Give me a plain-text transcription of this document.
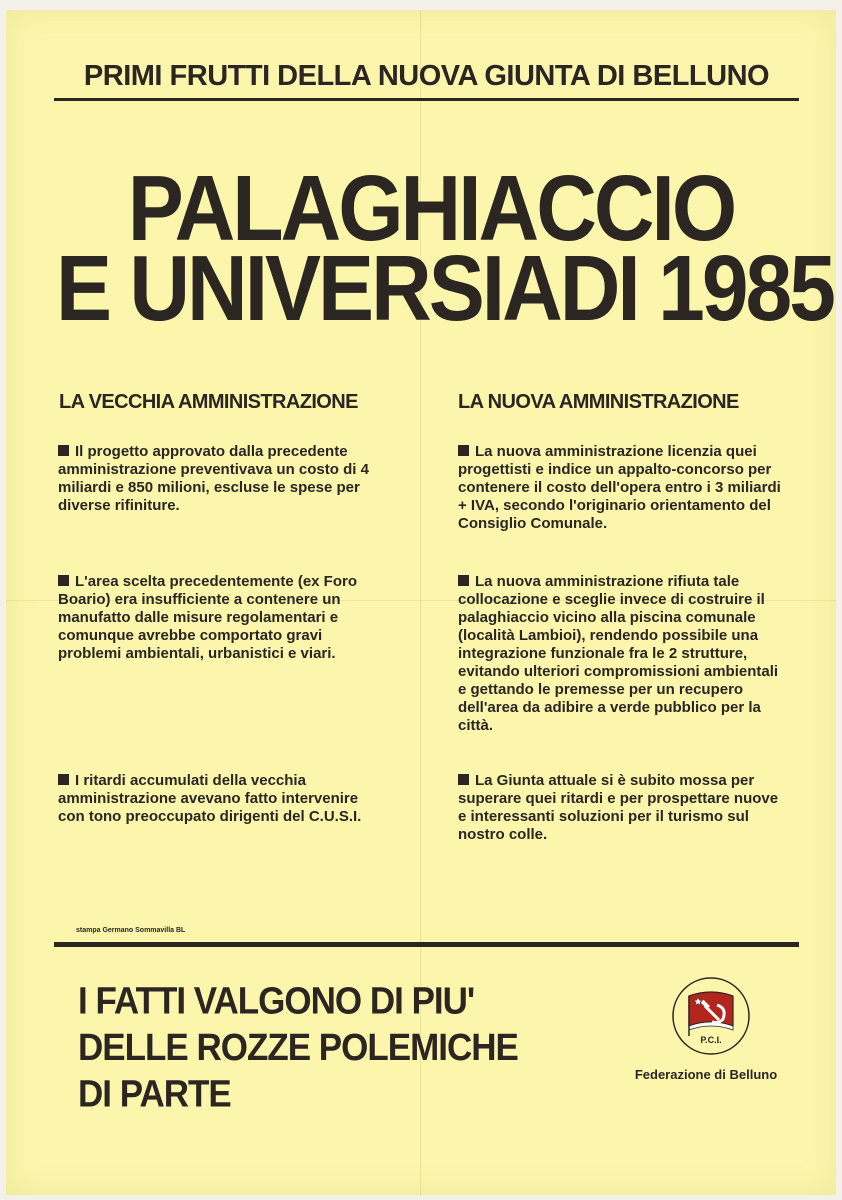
PRIMI FRUTTI DELLA NUOVA GIUNTA DI BELLUNO
PALAGHIACCIO
E UNIVERSIADI 1985
LA VECCHIA AMMINISTRAZIONE	LA NUOVA AMMINISTRAZIONE
Il progetto approvato dalla precedente amministrazione preventivava un costo di 4 miliardi e 850 milioni, escluse le spese per diverse rifiniture.
L'area scelta precedentemente (ex Foro Boario) era insufficiente a contenere un manufatto dalle misure regolamentari e comunque avrebbe comportato gravi problemi ambientali, urbanistici e viari.
I ritardi accumulati della vecchia amministrazione avevano fatto intervenire con tono preoccupato dirigenti del C.U.S.I.
La nuova amministrazione licenzia quei progettisti e indice un appalto-concorso per contenere il costo dell'opera entro i 3 miliardi + IVA, secondo l'originario orientamento del Consiglio Comunale.
La nuova amministrazione rifiuta tale collocazione e sceglie invece di costruire il palaghiaccio vicino alla piscina comunale (località Lambioi), rendendo possibile una integrazione funzionale fra le 2 strutture, evitando ulteriori compromissioni ambientali e gettando le premesse per un recupero dell'area da adibire a verde pubblico per la città.
La Giunta attuale si è subito mossa per superare quei ritardi e per prospettare nuove e interessanti soluzioni per il turismo sul nostro colle.
stampa Germano Sommavilla BL
I FATTI VALGONO DI PIU'
DELLE ROZZE POLEMICHE
DI PARTE
P.C.I.
Federazione di Belluno
